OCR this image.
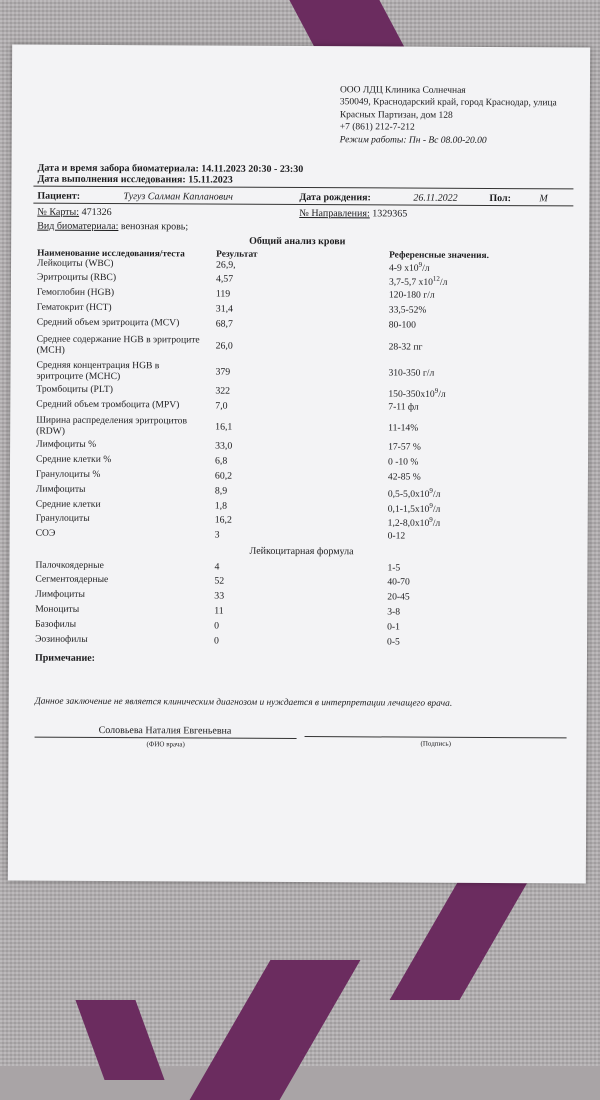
ООО ЛДЦ Клиника Солнечная
350049, Краснодарский край, город Краснодар, улица
Красных Партизан, дом 128
+7 (861) 212-7-212
Режим работы: Пн - Вс 08.00-20.00
Дата и время забора биоматериала: 14.11.2023 20:30 - 23:30
Дата выполнения исследования: 15.11.2023
Пациент:	Тугуз Салман Капланович	Дата рождения:	26.11.2022	Пол:	М
№ Карты: 471326	№ Направления: 1329365
Вид биоматериала: венозная кровь;
Общий анализ крови
Наименование исследования/теста	Результат	Референсные значения.
Лейкоциты (WBC)	26,9,	4-9 $x10^9/л$
Эритроциты (RBC)	4,57	3,7-5,7 $x10^{12}/л$
Гемоглобин (HGB)	119	120-180 г/л
Гематокрит (HCT)	31,4	33,5-52%
Средний объем эритроцита (MCV)	68,7	80-100
Среднее содержание HGB в эритроците
(MCH)	26,0	28-32 пг
Средняя концентрация HGB в
эритроците (MCHC)	379	310-350 г/л
Тромбоциты (PLT)	322	$150-350x10^9/л$
Средний объем тромбоцита (MPV)	7,0	7-11 фл
Ширина распределения эритроцитов
(RDW)	16,1	11-14%
Лимфоциты %	33,0	17-57 %
Средние клетки %	6,8	0 -10 %
Гранулоциты %	60,2	42-85 %
Лимфоциты	8,9	$0,5-5,0x10^9/л$
Средние клетки	1,8	$0,1-1,5x10^9/л$
Гранулоциты	16,2	$1,2-8,0x10^9/л$
СОЭ	3	0-12
Лейкоцитарная формула
Палочкоядерные	4	1-5
Сегментоядерные	52	40-70
Лимфоциты	33	20-45
Моноциты	11	3-8
Базофилы	0	0-1
Эозинофилы	0	0-5
Примечание:
Данное заключение не является клиническим диагнозом и нуждается в интерпретации лечащего врача.
Соловьева Наталия Евгеньевна
(ФИО врача)	(Подпись)
